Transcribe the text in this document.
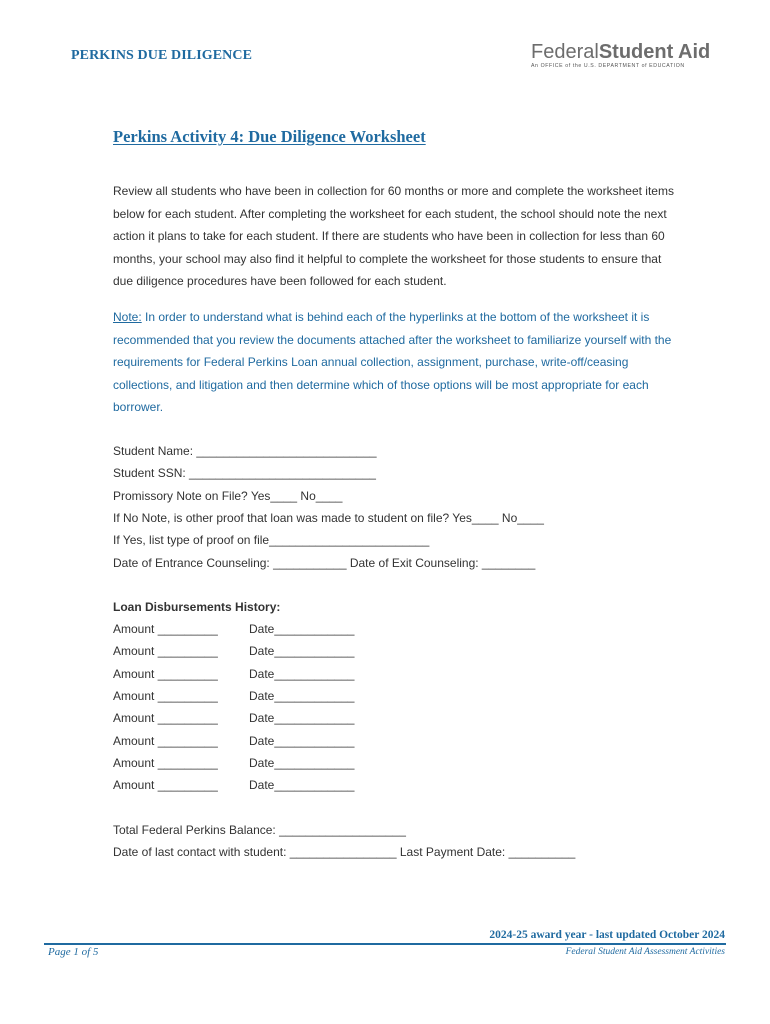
PERKINS DUE DILIGENCE	FederalStudent Aid
An OFFICE of the U.S. DEPARTMENT of EDUCATION
Perkins Activity 4: Due Diligence Worksheet
Review all students who have been in collection for 60 months or more and complete the worksheet items below for each student. After completing the worksheet for each student, the school should note the next action it plans to take for each student. If there are students who have been in collection for less than 60 months, your school may also find it helpful to complete the worksheet for those students to ensure that due diligence procedures have been followed for each student.
Note: In order to understand what is behind each of the hyperlinks at the bottom of the worksheet it is recommended that you review the documents attached after the worksheet to familiarize yourself with the requirements for Federal Perkins Loan annual collection, assignment, purchase, write-off/ceasing collections, and litigation and then determine which of those options will be most appropriate for each borrower.
Student Name: ___________________________
Student SSN: ____________________________
Promissory Note on File? Yes____ No____
If No Note, is other proof that loan was made to student on file? Yes____ No____
If Yes, list type of proof on file________________________
Date of Entrance Counseling: ___________ Date of Exit Counseling: ________
Loan Disbursements History:
Amount _________	Date____________
Amount _________	Date____________
Amount _________	Date____________
Amount _________	Date____________
Amount _________	Date____________
Amount _________	Date____________
Amount _________	Date____________
Amount _________	Date____________
Total Federal Perkins Balance: ___________________
Date of last contact with student: ________________ Last Payment Date: __________
2024-25 award year - last updated October 2024
Page 1 of 5	Federal Student Aid Assessment Activities
